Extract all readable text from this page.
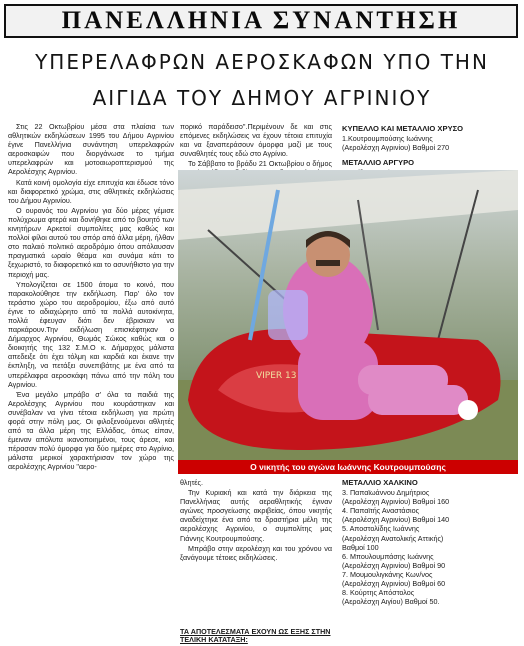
ΠΑΝΕΛΛΗΝΙΑ ΣΥΝΑΝΤΗΣΗ
ΥΠΕΡΕΛΑΦΡΩΝ ΑΕΡΟΣΚΑΦΩΝ ΥΠΟ ΤΗΝ
ΑΙΓΙΔΑ ΤΟΥ ΔΗΜΟΥ ΑΓΡΙΝΙΟΥ

Στις 22 Οκτωβρίου μέσα στα πλαίσια των αθλητικών εκδηλώσεων 1995 του Δήμου Αγρινίου έγινε Πανελλήνια συνάντηση υπερελαφρών αεροσκαφών που διοργάνωσε το τμήμα υπερελαφρών και μοτοαιωροπτερισμού της Αερολέσχης Αγρινίου.

Κατά κοινή ομολογία είχε επιτυχία και έδωσε τόνο και διαφορετικό χρώμα, στις αθλητικές εκδηλώσεις του Δήμου Αγρινίου.

Ο ουρανός του Αγρινίου για δύο μέρες γέμισε πολύχρωμα φτερά και δονήθηκε από το βουητό των κινητήρων Αρκετοί συμπολίτες μας καθώς και πολλοί φίλοι αυτού του σπόρ από άλλα μέρη, ήλθαν στο παλαιό πολιτικό αεροδρόμιο όπου απόλαυσαν πραγματικά ωραίο θέαμα και συνάμα κάτι το ξεχωριστό, το διαφορετικό και το ασυνήθιστο για την περιοχή μας.

Υπολογίζεται σε 1500 άτομα το κοινό, που παρακολούθησε την εκδήλωση. Παρ' όλο τον τεράστιο χώρο του αεροδρομίου, έξω από αυτό έγινε το αδιαχώρητο από τα πολλά αυτοκίνητα, πολλά έφευγαν διότι δεν έβρισκαν να παρκάρουν.Την εκδήλωση επισκέφτηκαν ο Δήμαρχος Αγρινίου, Θωμάς Σώκος καθώς και ο διοικητής της 132 Σ.Μ.Ο κ. Δήμαρχος μάλιστα απεδειξε ότι έχει τόλμη και καρδιά και έκανε την έκπληξη, να πετάξει συνεπιβάτης με ένα από τα υπερέλαφρα αεροσκάφη πάνω από την πόλη του Αγρινίου.

Ένα μεγάλο μπράβο σ' όλα τα παιδιά της Αερολέσχης Αγρινίου που κουράστηκαν και συνέβαλαν να γίνει τέτοια εκδήλωση για πρώτη φορά στην πόλη μας. Οι φιλοξενούμενοι αθλητές από τα άλλα μέρη της Ελλάδας, όπως είπαν, έμειναν απόλυτα ικανοποιημένοι, τους άρεσε, και πέρασαν πολύ όμορφα για δύο ημέρες στο Αγρίνιο, μάλιστα μερικοί χαρακτήρισαν τον χώρο της αερολέσχης Αγρινίου "αερο-

πορικό παράδεισο".Περιμένουν δε και στις επόμενες εκδηλώσεις να έχουν τέτοια επιτυχία και να ξαναπεράσουν όμορφα μαζί με τους συναθλητές τους εδώ στο Αγρίνιο.

Το Σάββατο το βράδυ 21 Οκτωβρίου ο δήμος

ΚΥΠΕΛΛΟ ΚΑΙ ΜΕΤΑΛΛΙΟ ΧΡΥΣΟ

1.Κουτρουμπούσης Ιωάννης

(Αερολέσχη Αγρινίου) Βαθμοί 270

ΜΕΤΑΛΛΙΟ ΑΡΓΥΡΟ

VIPER 13
Ο νικητής του αγώνα Ιωάννης Κουτρουμπούσης

θλητές.

Την Κυριακή και κατά την διάρκεια της Πανελλήνιας αυτής αεραθλητικής έγιναν αγώνες προσγείωσης ακριβείας, όπου νικητής αναδείχτηκε ένα από τα δραστήρια μέλη της αερολέσχης Αγρινίου, ο συμπολίτης μας Γιάννης Κουτρουμπούσης.

Μπράβο στην αερολέσχη και του χρόνου να ξανάγουμε τέτοιες εκδηλώσεις.

ΤΑ ΑΠΟΤΕΛΕΣΜΑΤΑ ΕΧΟΥΝ ΩΣ ΕΞΗΣ ΣΤΗΝ ΤΕΛΙΚΗ ΚΑΤΑΤΑΞΗ:

ΜΕΤΑΛΛΙΟ ΧΑΛΚΙΝΟ

3. Παπαϊωάννου Δημήτριος

(Αερολέσχη Αγρινίου) Βαθμοί 160

4. Παπαϊτής Αναστάσιος

(Αερολέσχη Αγρινίου) Βαθμοί 140

5. Αποστολίδης Ιωάννης

(Αερολέσχη Ανατολικής Αττικής)

Βαθμοί 100

6. Μπουλουμπάσης Ιωάννης

(Αερολέσχη Αγρινίου) Βαθμοί 90

7. Μουμουλιγκάνης Κων/νος

(Αερολέσχη Αγρινίου) Βαθμοί 60

8. Κούρτης Απόστολος

(Αερολέσχη Αιγίου) Βαθμοί 50.
